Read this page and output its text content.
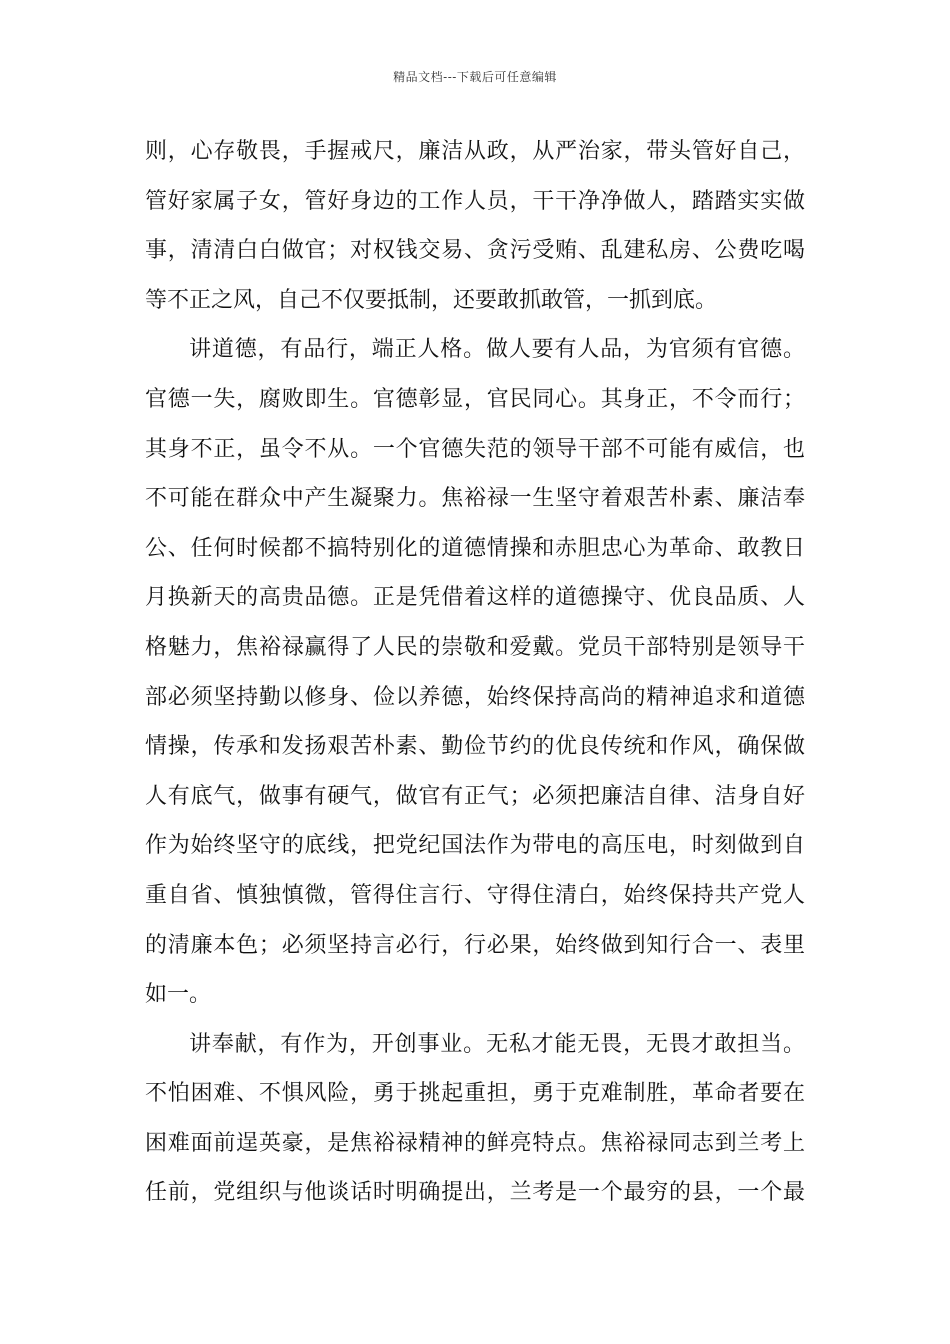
精品文档---下载后可任意编辑
则，心存敬畏，手握戒尺，廉洁从政，从严治家，带头管好自己，
管好家属子女，管好身边的工作人员，干干净净做人，踏踏实实做
事，清清白白做官；对权钱交易、贪污受贿、乱建私房、公费吃喝
等不正之风，自己不仅要抵制，还要敢抓敢管，一抓到底。
讲道德，有品行，端正人格。做人要有人品，为官须有官德。
官德一失，腐败即生。官德彰显，官民同心。其身正，不令而行；
其身不正，虽令不从。一个官德失范的领导干部不可能有威信，也
不可能在群众中产生凝聚力。焦裕禄一生坚守着艰苦朴素、廉洁奉
公、任何时候都不搞特别化的道德情操和赤胆忠心为革命、敢教日
月换新天的高贵品德。正是凭借着这样的道德操守、优良品质、人
格魅力，焦裕禄赢得了人民的崇敬和爱戴。党员干部特别是领导干
部必须坚持勤以修身、俭以养德，始终保持高尚的精神追求和道德
情操，传承和发扬艰苦朴素、勤俭节约的优良传统和作风，确保做
人有底气，做事有硬气，做官有正气；必须把廉洁自律、洁身自好
作为始终坚守的底线，把党纪国法作为带电的高压电，时刻做到自
重自省、慎独慎微，管得住言行、守得住清白，始终保持共产党人
的清廉本色；必须坚持言必行，行必果，始终做到知行合一、表里
如一。
讲奉献，有作为，开创事业。无私才能无畏，无畏才敢担当。
不怕困难、不惧风险，勇于挑起重担，勇于克难制胜，革命者要在
困难面前逞英豪，是焦裕禄精神的鲜亮特点。焦裕禄同志到兰考上
任前，党组织与他谈话时明确提出，兰考是一个最穷的县，一个最
